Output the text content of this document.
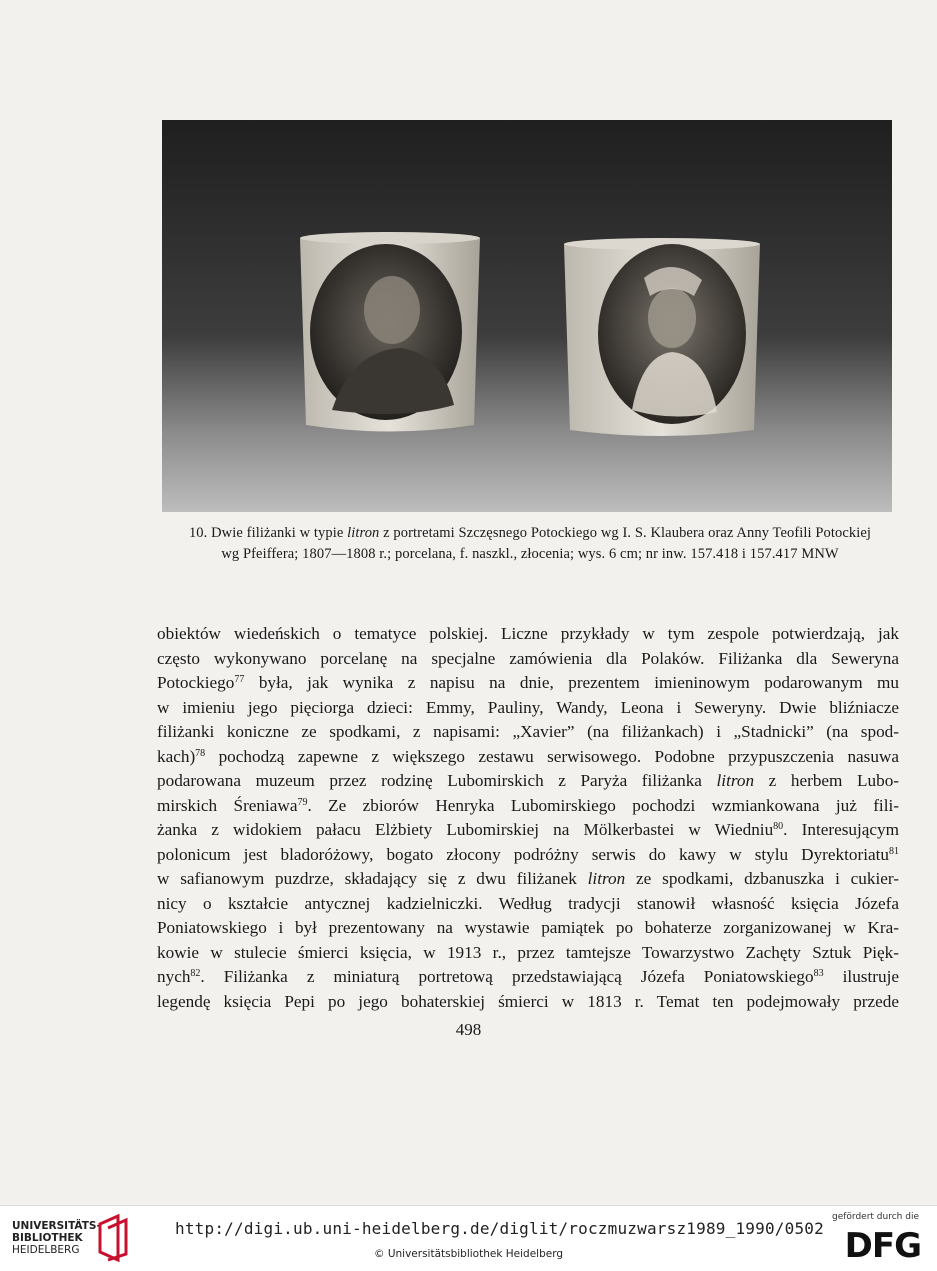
10. Dwie filiżanki w typie litron z portretami Szczęsnego Potockiego wg I. S. Klaubera oraz Anny Teofili Potockiej
wg Pfeiffera; 1807—1808 r.; porcelana, f. naszkl., złocenia; wys. 6 cm; nr inw. 157.418 i 157.417 MNW
obiektów wiedeńskich o tematyce polskiej. Liczne przykłady w tym zespole potwierdzają, jak
często wykonywano porcelanę na specjalne zamówienia dla Polaków. Filiżanka dla Seweryna
Potockiego$^{77}$ była, jak wynika z napisu na dnie, prezentem imieninowym podarowanym mu
w imieniu jego pięciorga dzieci: Emmy, Pauliny, Wandy, Leona i Seweryny. Dwie bliźniacze
filiżanki koniczne ze spodkami, z napisami: „Xavier” (na filiżankach) i „Stadnicki” (na spod-
kach)$^{78}$ pochodzą zapewne z większego zestawu serwisowego. Podobne przypuszczenia nasuwa
podarowana muzeum przez rodzinę Lubomirskich z Paryża filiżanka litron z herbem Lubo-
mirskich Śreniawa$^{79}$. Ze zbiorów Henryka Lubomirskiego pochodzi wzmiankowana już fili-
żanka z widokiem pałacu Elżbiety Lubomirskiej na Mölkerbastei w Wiedniu$^{80}$. Interesującym
polonicum jest bladoróżowy, bogato złocony podróżny serwis do kawy w stylu Dyrektoriatu$^{81}$
w safianowym puzdrze, składający się z dwu filiżanek litron ze spodkami, dzbanuszka i cukier-
nicy o kształcie antycznej kadzielniczki. Według tradycji stanowił własność księcia Józefa
Poniatowskiego i był prezentowany na wystawie pamiątek po bohaterze zorganizowanej w Kra-
kowie w stulecie śmierci księcia, w 1913 r., przez tamtejsze Towarzystwo Zachęty Sztuk Pięk-
nych$^{82}$. Filiżanka z miniaturą portretową przedstawiającą Józefa Poniatowskiego$^{83}$ ilustruje
legendę księcia Pepi po jego bohaterskiej śmierci w 1813 r. Temat ten podejmowały przede
498
UNIVERSITÄTS-
BIBLIOTHEK
HEIDELBERG
http://digi.ub.uni-heidelberg.de/diglit/roczmuzwarsz1989_1990/0502
© Universitätsbibliothek Heidelberg
gefördert durch die
DFG
